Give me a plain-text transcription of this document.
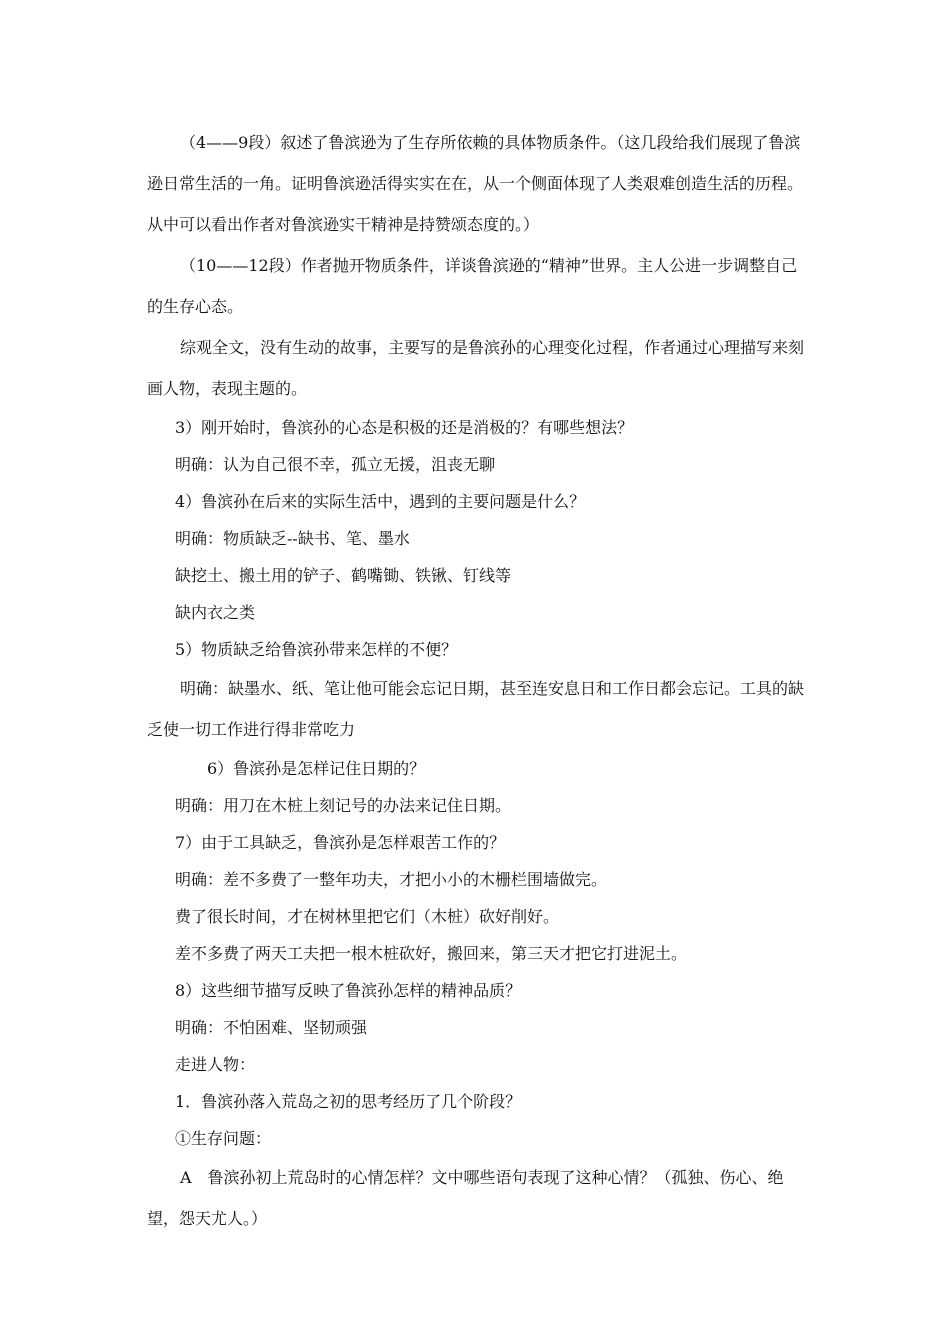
（4——9段）叙述了鲁滨逊为了生存所依赖的具体物质条件。（这几段给我们展现了鲁滨逊日常生活的一角。证明鲁滨逊活得实实在在，从一个侧面体现了人类艰难创造生活的历程。从中可以看出作者对鲁滨逊实干精神是持赞颂态度的。）

（10——12段）作者抛开物质条件，详谈鲁滨逊的“精神”世界。主人公进一步调整自己的生存心态。

综观全文，没有生动的故事，主要写的是鲁滨孙的心理变化过程，作者通过心理描写来刻画人物，表现主题的。

3）刚开始时，鲁滨孙的心态是积极的还是消极的？有哪些想法？

明确：认为自己很不幸，孤立无援，沮丧无聊

4）鲁滨孙在后来的实际生活中，遇到的主要问题是什么？

明确：物质缺乏--缺书、笔、墨水

缺挖土、搬土用的铲子、鹤嘴锄、铁锹、钉线等

缺内衣之类

5）物质缺乏给鲁滨孙带来怎样的不便？

明确：缺墨水、纸、笔让他可能会忘记日期，甚至连安息日和工作日都会忘记。工具的缺乏使一切工作进行得非常吃力

6）鲁滨孙是怎样记住日期的？

明确：用刀在木桩上刻记号的办法来记住日期。

7）由于工具缺乏，鲁滨孙是怎样艰苦工作的？

明确：差不多费了一整年功夫，才把小小的木栅栏围墙做完。

费了很长时间，才在树林里把它们（木桩）砍好削好。

差不多费了两天工夫把一根木桩砍好，搬回来，第三天才把它打进泥土。

8）这些细节描写反映了鲁滨孙怎样的精神品质？

明确：不怕困难、坚韧顽强

走进人物：

1．鲁滨孙落入荒岛之初的思考经历了几个阶段？

①生存问题：

A　鲁滨孙初上荒岛时的心情怎样？文中哪些语句表现了这种心情？（孤独、伤心、绝望，怨天尤人。）
